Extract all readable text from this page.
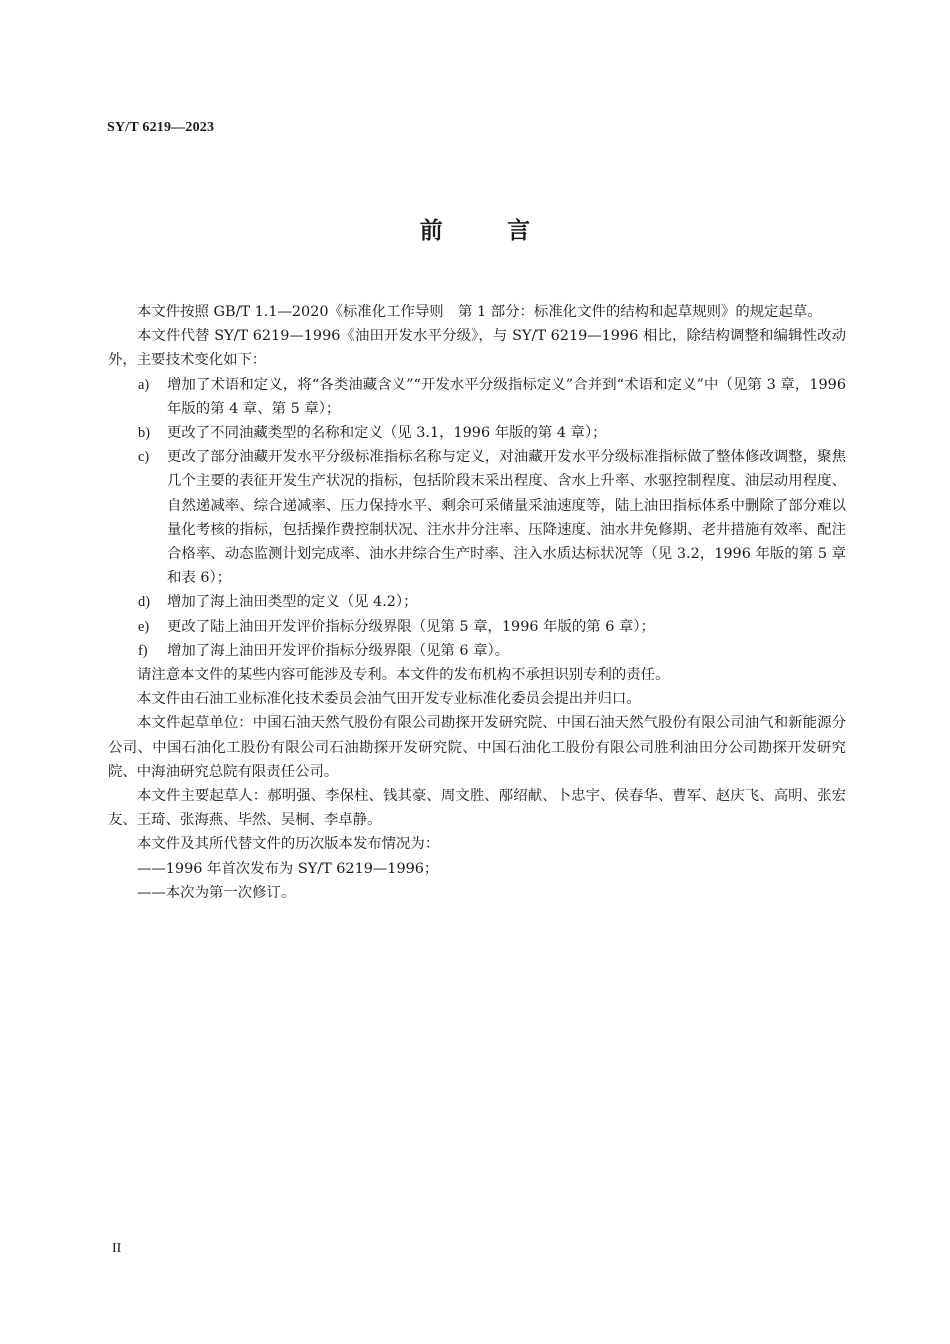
SY/T 6219—2023
前　言

本文件按照 GB/T 1.1—2020《标准化工作导则　第 1 部分：标准化文件的结构和起草规则》的规定起草。

本文件代替 SY/T 6219—1996《油田开发水平分级》，与 SY/T 6219—1996 相比，除结构调整和编辑性改动外，主要技术变化如下：

a) 增加了术语和定义，将“各类油藏含义”“开发水平分级指标定义”合并到“术语和定义”中（见第 3 章，1996 年版的第 4 章、第 5 章）；
b) 更改了不同油藏类型的名称和定义（见 3.1，1996 年版的第 4 章）；
c) 更改了部分油藏开发水平分级标准指标名称与定义，对油藏开发水平分级标准指标做了整体修改调整，聚焦几个主要的表征开发生产状况的指标，包括阶段末采出程度、含水上升率、水驱控制程度、油层动用程度、自然递减率、综合递减率、压力保持水平、剩余可采储量采油速度等，陆上油田指标体系中删除了部分难以量化考核的指标，包括操作费控制状况、注水井分注率、压降速度、油水井免修期、老井措施有效率、配注合格率、动态监测计划完成率、油水井综合生产时率、注入水质达标状况等（见 3.2，1996 年版的第 5 章和表 6）；
d) 增加了海上油田类型的定义（见 4.2）；
e) 更改了陆上油田开发评价指标分级界限（见第 5 章，1996 年版的第 6 章）；
f) 增加了海上油田开发评价指标分级界限（见第 6 章）。

请注意本文件的某些内容可能涉及专利。本文件的发布机构不承担识别专利的责任。

本文件由石油工业标准化技术委员会油气田开发专业标准化委员会提出并归口。

本文件起草单位：中国石油天然气股份有限公司勘探开发研究院、中国石油天然气股份有限公司油气和新能源分公司、中国石油化工股份有限公司石油勘探开发研究院、中国石油化工股份有限公司胜利油田分公司勘探开发研究院、中海油研究总院有限责任公司。

本文件主要起草人：郝明强、李保柱、钱其豪、周文胜、邴绍献、卜忠宇、侯春华、曹军、赵庆飞、高明、张宏友、王琦、张海燕、毕然、吴桐、李卓静。

本文件及其所代替文件的历次版本发布情况为：

——1996 年首次发布为 SY/T 6219—1996；

——本次为第一次修订。

II
